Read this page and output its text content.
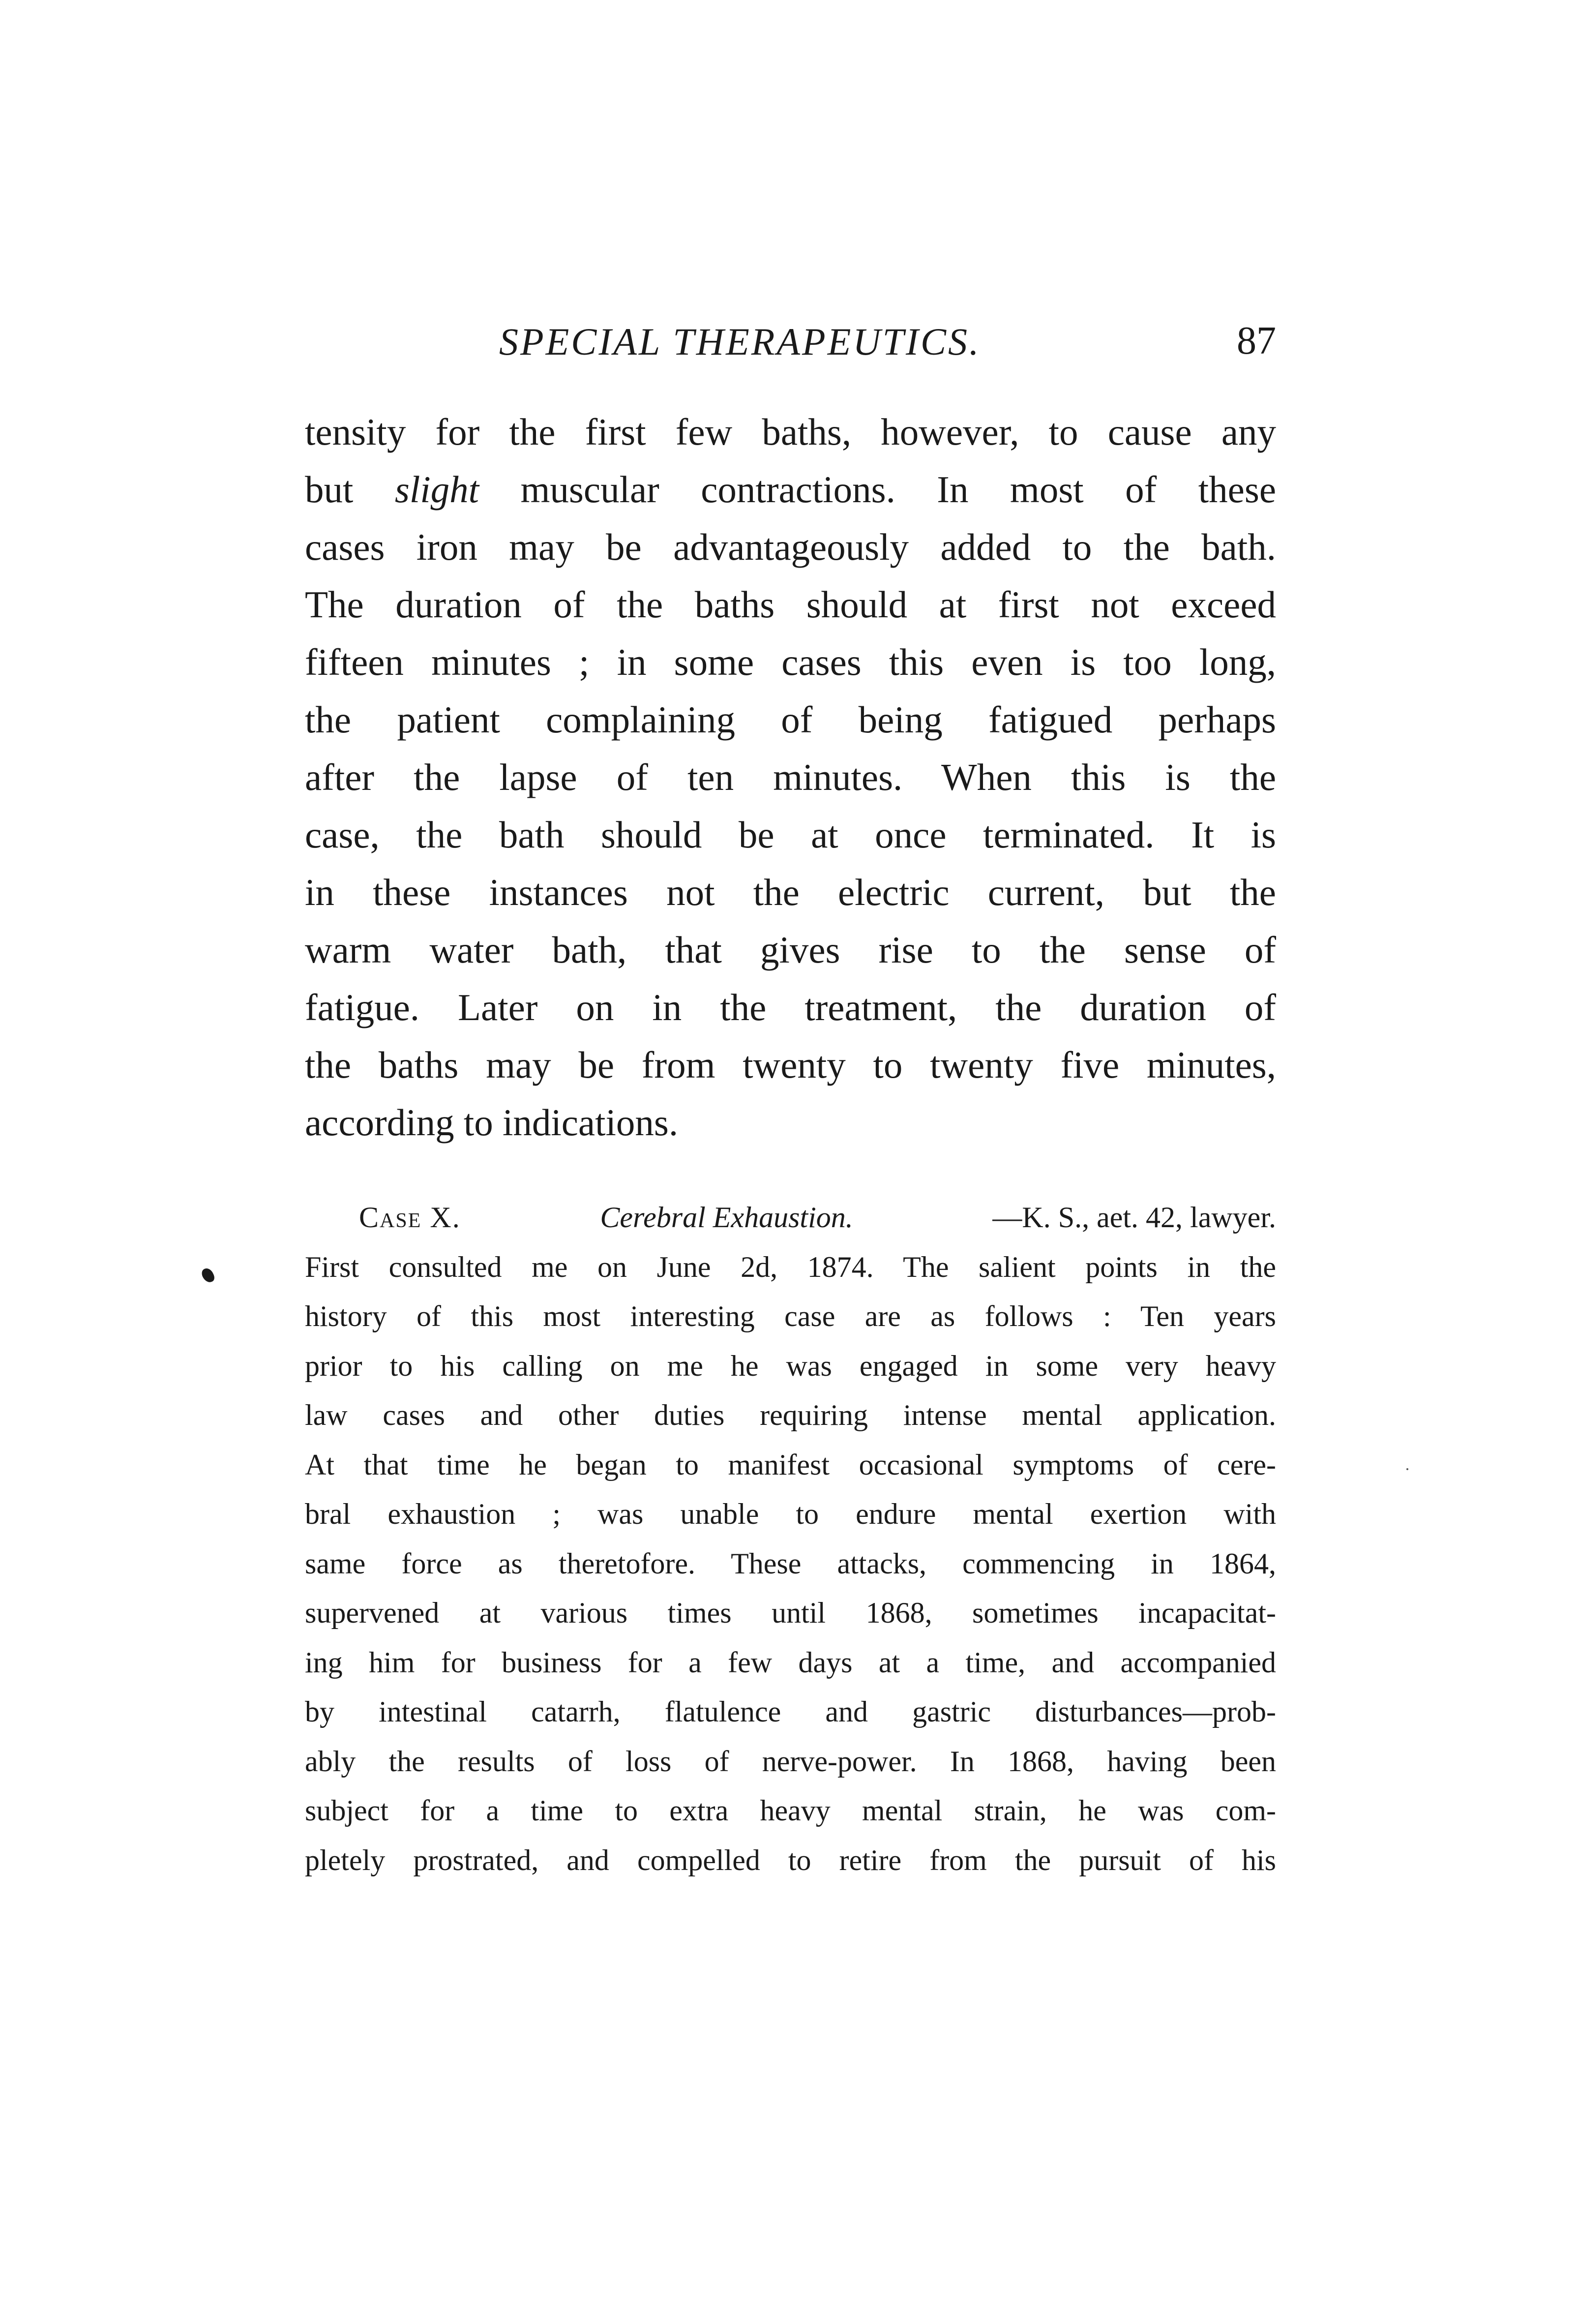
SPECIAL THERAPEUTICS.	87
tensity for the first few baths, however, to cause any
but slight muscular contractions. In most of these
cases iron may be advantageously added to the bath.
The duration of the baths should at first not exceed
fifteen minutes ; in some cases this even is too long,
the patient complaining of being fatigued perhaps
after the lapse of ten minutes. When this is the
case, the bath should be at once terminated. It is
in these instances not the electric current, but the
warm water bath, that gives rise to the sense of
fatigue. Later on in the treatment, the duration of
the baths may be from twenty to twenty five minutes,
according to indications.
Case X.	Cerebral Exhaustion.	—K. S., aet. 42, lawyer.
First consulted me on June 2d, 1874. The salient points in the
history of this most interesting case are as follows : Ten years
prior to his calling on me he was engaged in some very heavy
law cases and other duties requiring intense mental application.
At that time he began to manifest occasional symptoms of cere-
bral exhaustion ; was unable to endure mental exertion with
same force as theretofore. These attacks, commencing in 1864,
supervened at various times until 1868, sometimes incapacitat-
ing him for business for a few days at a time, and accompanied
by intestinal catarrh, flatulence and gastric disturbances—prob-
ably the results of loss of nerve-power. In 1868, having been
subject for a time to extra heavy mental strain, he was com-
pletely prostrated, and compelled to retire from the pursuit of his
